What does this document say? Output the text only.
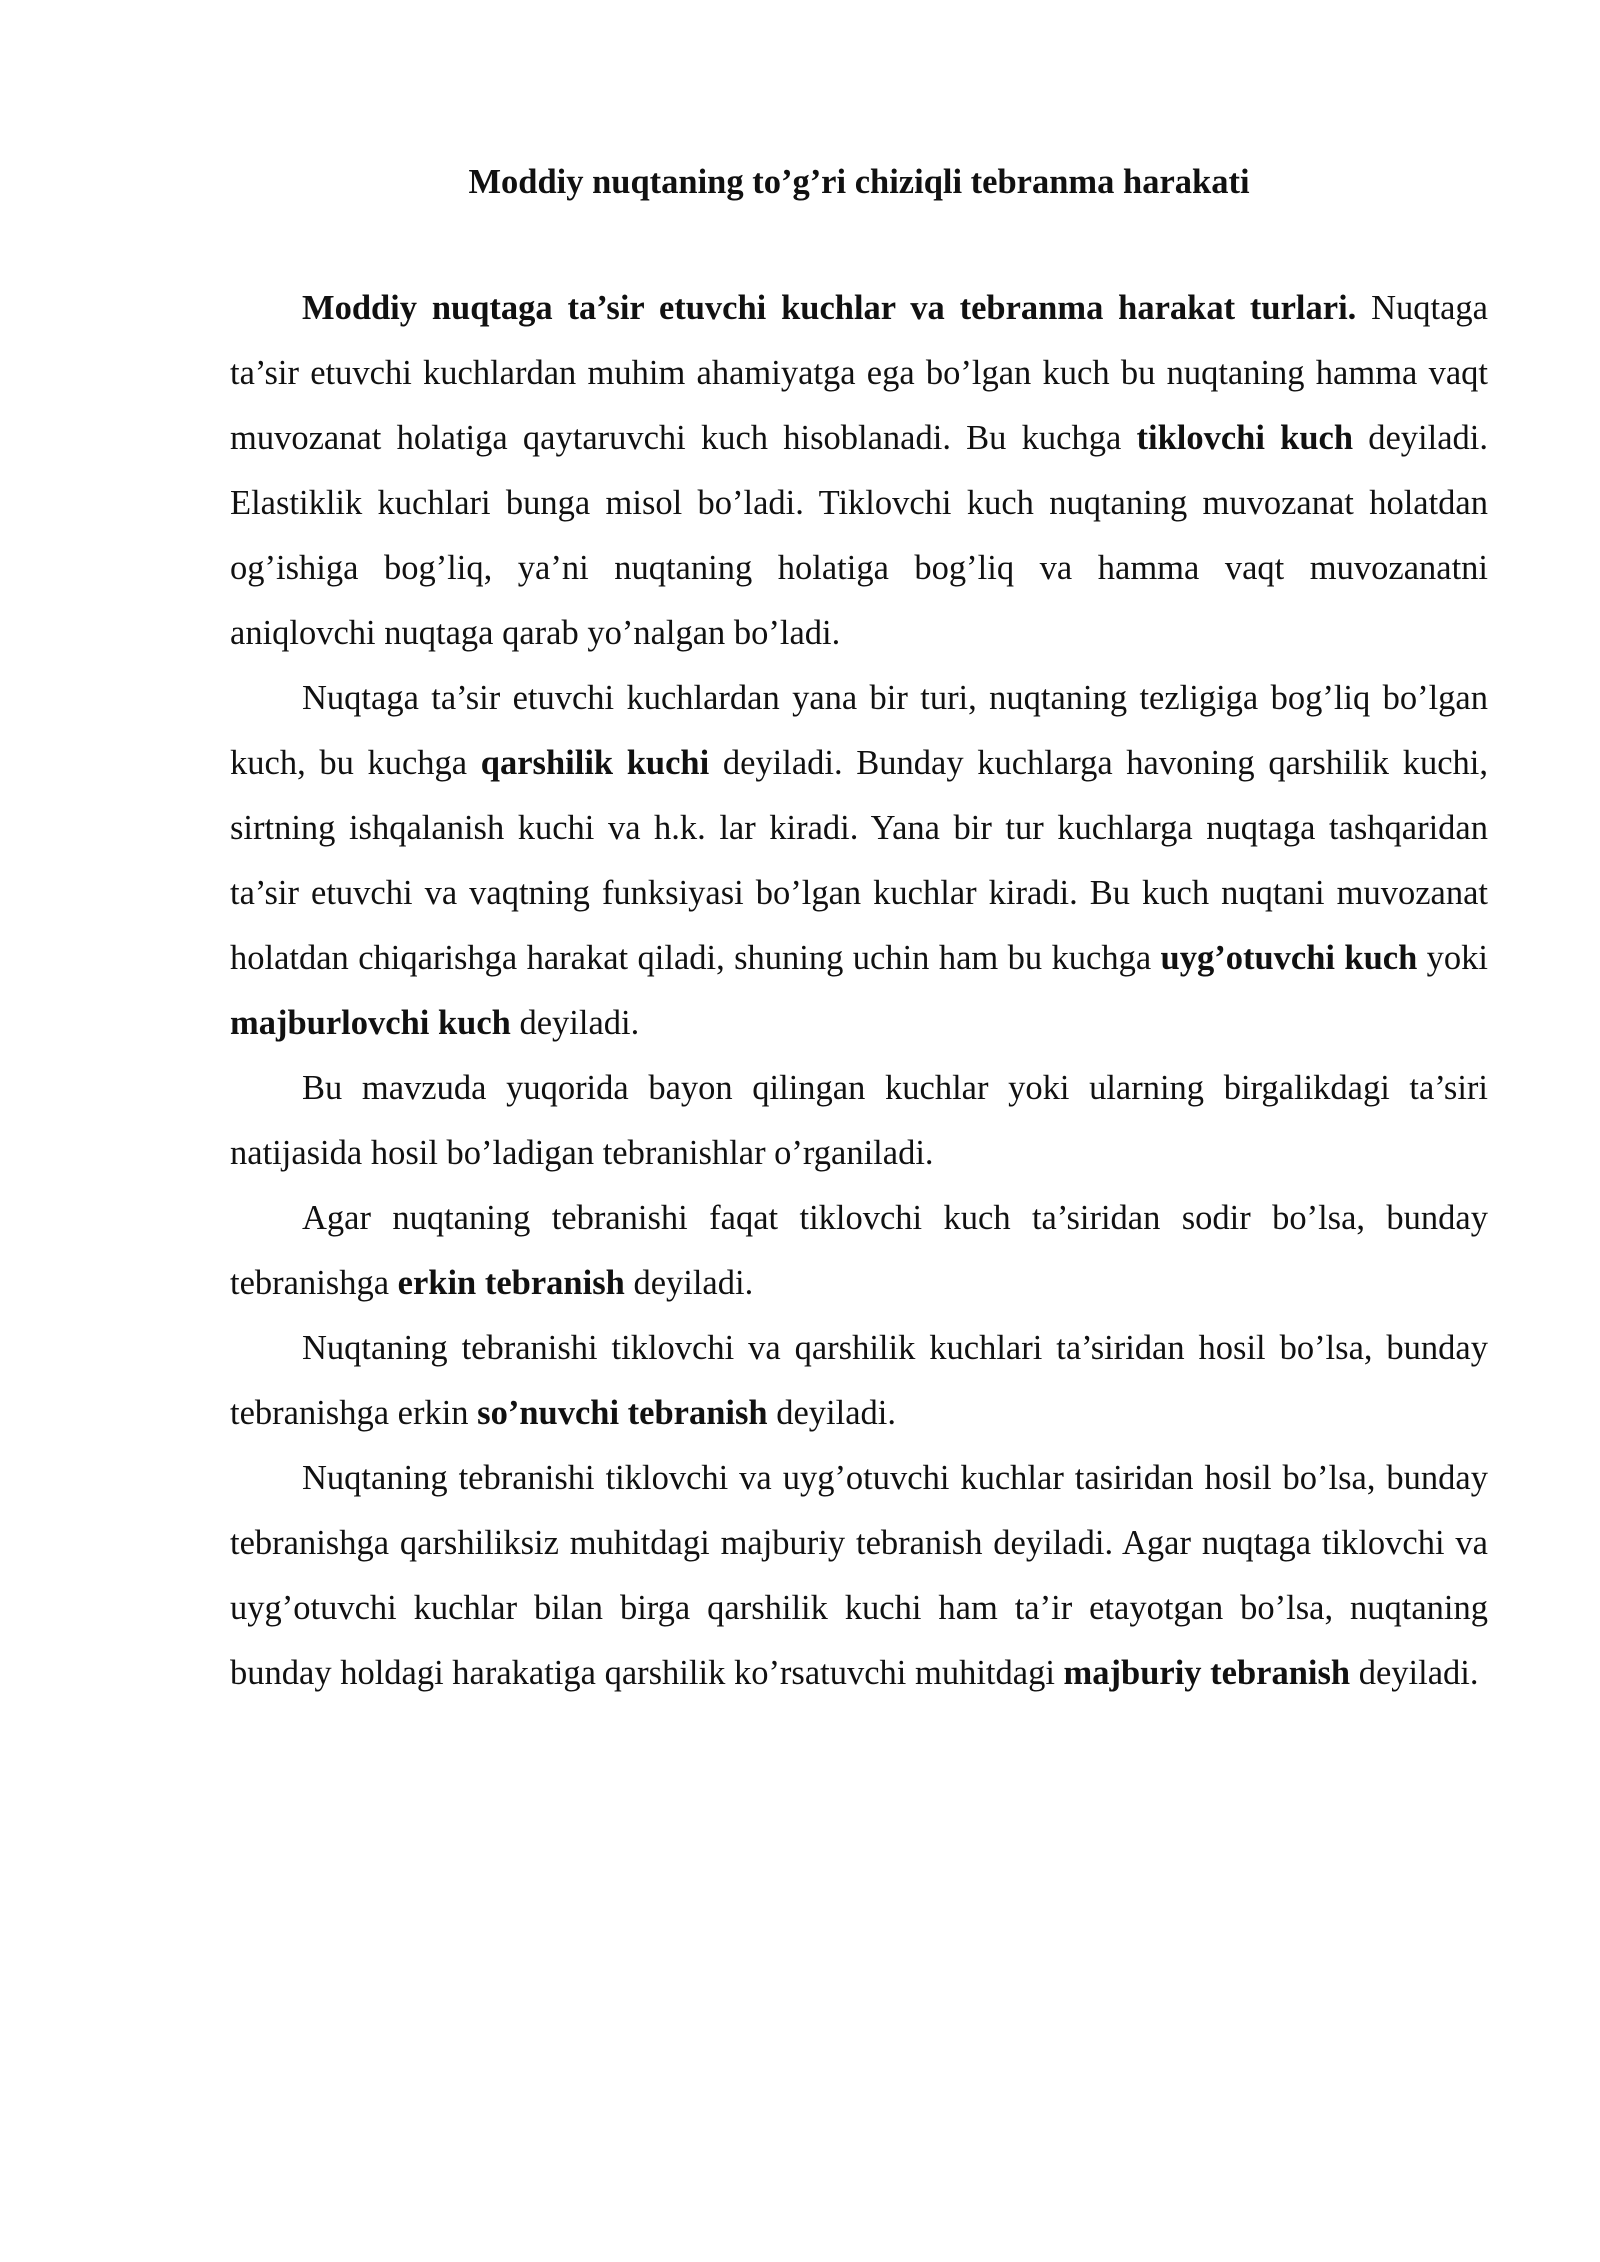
Moddiy nuqtaning to’g’ri chiziqli tebranma harakati

Moddiy nuqtaga ta’sir etuvchi kuchlar va tebranma harakat turlari. Nuqtaga ta’sir etuvchi kuchlardan muhim ahamiyatga ega bo’lgan kuch bu nuqtaning hamma vaqt muvozanat holatiga qaytaruvchi kuch hisoblanadi. Bu kuchga tiklovchi kuch deyiladi. Elastiklik kuchlari bunga misol bo’ladi. Tiklovchi kuch nuqtaning muvozanat holatdan og’ishiga bog’liq, ya’ni nuqtaning holatiga bog’liq va hamma vaqt muvozanatni aniqlovchi nuqtaga qarab yo’nalgan bo’ladi.

Nuqtaga ta’sir etuvchi kuchlardan yana bir turi, nuqtaning tezligiga bog’liq bo’lgan kuch, bu kuchga qarshilik kuchi deyiladi. Bunday kuchlarga havoning qarshilik kuchi, sirtning ishqalanish kuchi va h.k. lar kiradi. Yana bir tur kuchlarga nuqtaga tashqaridan ta’sir etuvchi va vaqtning funksiyasi bo’lgan kuchlar kiradi. Bu kuch nuqtani muvozanat holatdan chiqarishga harakat qiladi, shuning uchin ham bu kuchga uyg’otuvchi kuch yoki majburlovchi kuch deyiladi.

Bu mavzuda yuqorida bayon qilingan kuchlar yoki ularning birgalikdagi ta’siri natijasida hosil bo’ladigan tebranishlar o’rganiladi.

Agar nuqtaning tebranishi faqat tiklovchi kuch ta’siridan sodir bo’lsa, bunday tebranishga erkin tebranish deyiladi.

Nuqtaning tebranishi tiklovchi va qarshilik kuchlari ta’siridan hosil bo’lsa, bunday tebranishga erkin so’nuvchi tebranish deyiladi.

Nuqtaning tebranishi tiklovchi va uyg’otuvchi kuchlar tasiridan hosil bo’lsa, bunday tebranishga qarshiliksiz muhitdagi majburiy tebranish deyiladi. Agar nuqtaga tiklovchi va uyg’otuvchi kuchlar bilan birga qarshilik kuchi ham ta’ir etayotgan bo’lsa, nuqtaning bunday holdagi harakatiga qarshilik ko’rsatuvchi muhitdagi majburiy tebranish deyiladi.
